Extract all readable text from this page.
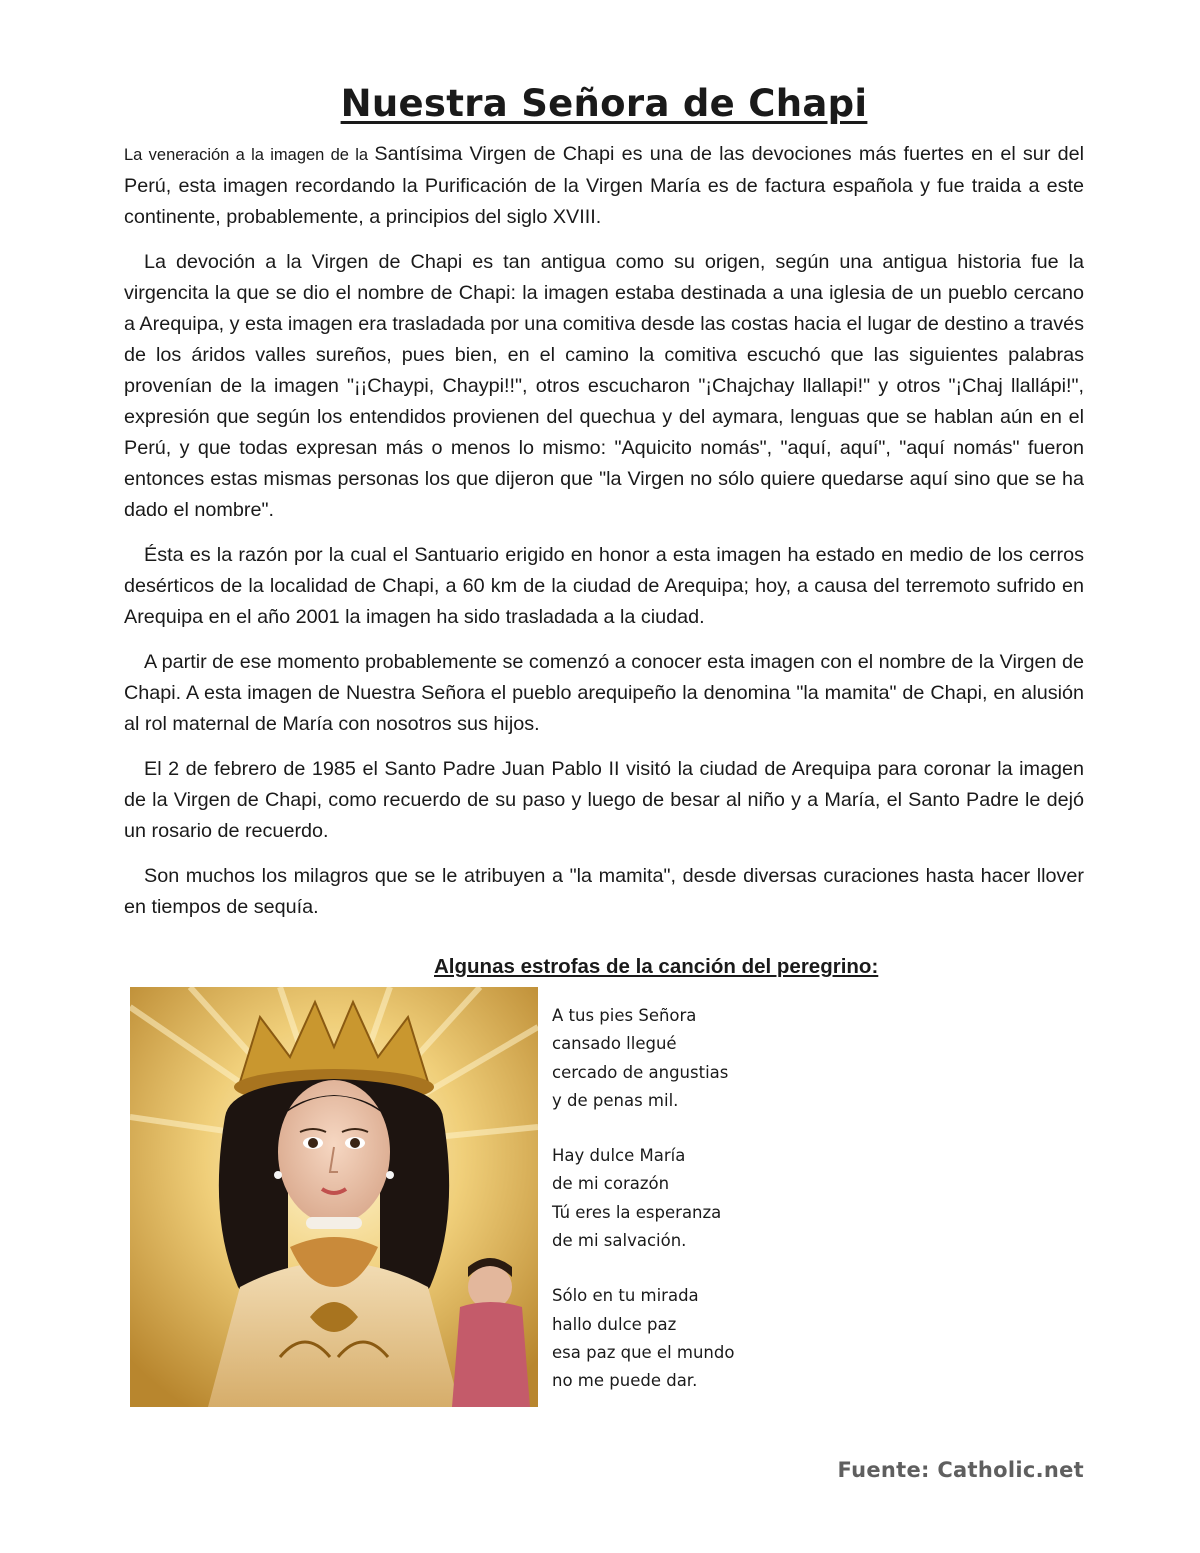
Nuestra Señora de Chapi

La veneración a la imagen de la Santísima Virgen de Chapi es una de las devociones más fuertes en el sur del Perú, esta imagen recordando la Purificación de la Virgen María es de factura española y fue traida a este continente, probablemente, a principios del siglo XVIII.

La devoción a la Virgen de Chapi es tan antigua como su origen, según una antigua historia fue la virgencita la que se dio el nombre de Chapi: la imagen estaba destinada a una iglesia de un pueblo cercano a Arequipa, y esta imagen era trasladada por una comitiva desde las costas hacia el lugar de destino a través de los áridos valles sureños, pues bien, en el camino la comitiva escuchó que las siguientes palabras provenían de la imagen "¡¡Chaypi, Chaypi!!", otros escucharon "¡Chajchay llallapi!" y otros "¡Chaj llallápi!", expresión que según los entendidos provienen del quechua y del aymara, lenguas que se hablan aún en el Perú, y que todas expresan más o menos lo mismo: "Aquicito nomás", "aquí, aquí", "aquí nomás" fueron entonces estas mismas personas los que dijeron que "la Virgen no sólo quiere quedarse aquí sino que se ha dado el nombre".

Ésta es la razón por la cual el Santuario erigido en honor a esta imagen ha estado en medio de los cerros desérticos de la localidad de Chapi, a 60 km de la ciudad de Arequipa; hoy, a causa del terremoto sufrido en Arequipa en el año 2001 la imagen ha sido trasladada a la ciudad.

A partir de ese momento probablemente se comenzó a conocer esta imagen con el nombre de la Virgen de Chapi. A esta imagen de Nuestra Señora el pueblo arequipeño la denomina "la mamita" de Chapi, en alusión al rol maternal de María con nosotros sus hijos.

El 2 de febrero de 1985 el Santo Padre Juan Pablo II visitó la ciudad de Arequipa para coronar la imagen de la Virgen de Chapi, como recuerdo de su paso y luego de besar al niño y a María, el Santo Padre le dejó un rosario de recuerdo.

Son muchos los milagros que se le atribuyen a "la mamita", desde diversas curaciones hasta hacer llover en tiempos de sequía.

Algunas estrofas de la canción del peregrino:
A tus pies Señora
cansado llegué
cercado de angustias
y de penas mil.
Hay dulce María
de mi corazón
Tú eres la esperanza
de mi salvación.
Sólo en tu mirada
hallo dulce paz
esa paz que el mundo
no me puede dar.
Fuente: Catholic.net
